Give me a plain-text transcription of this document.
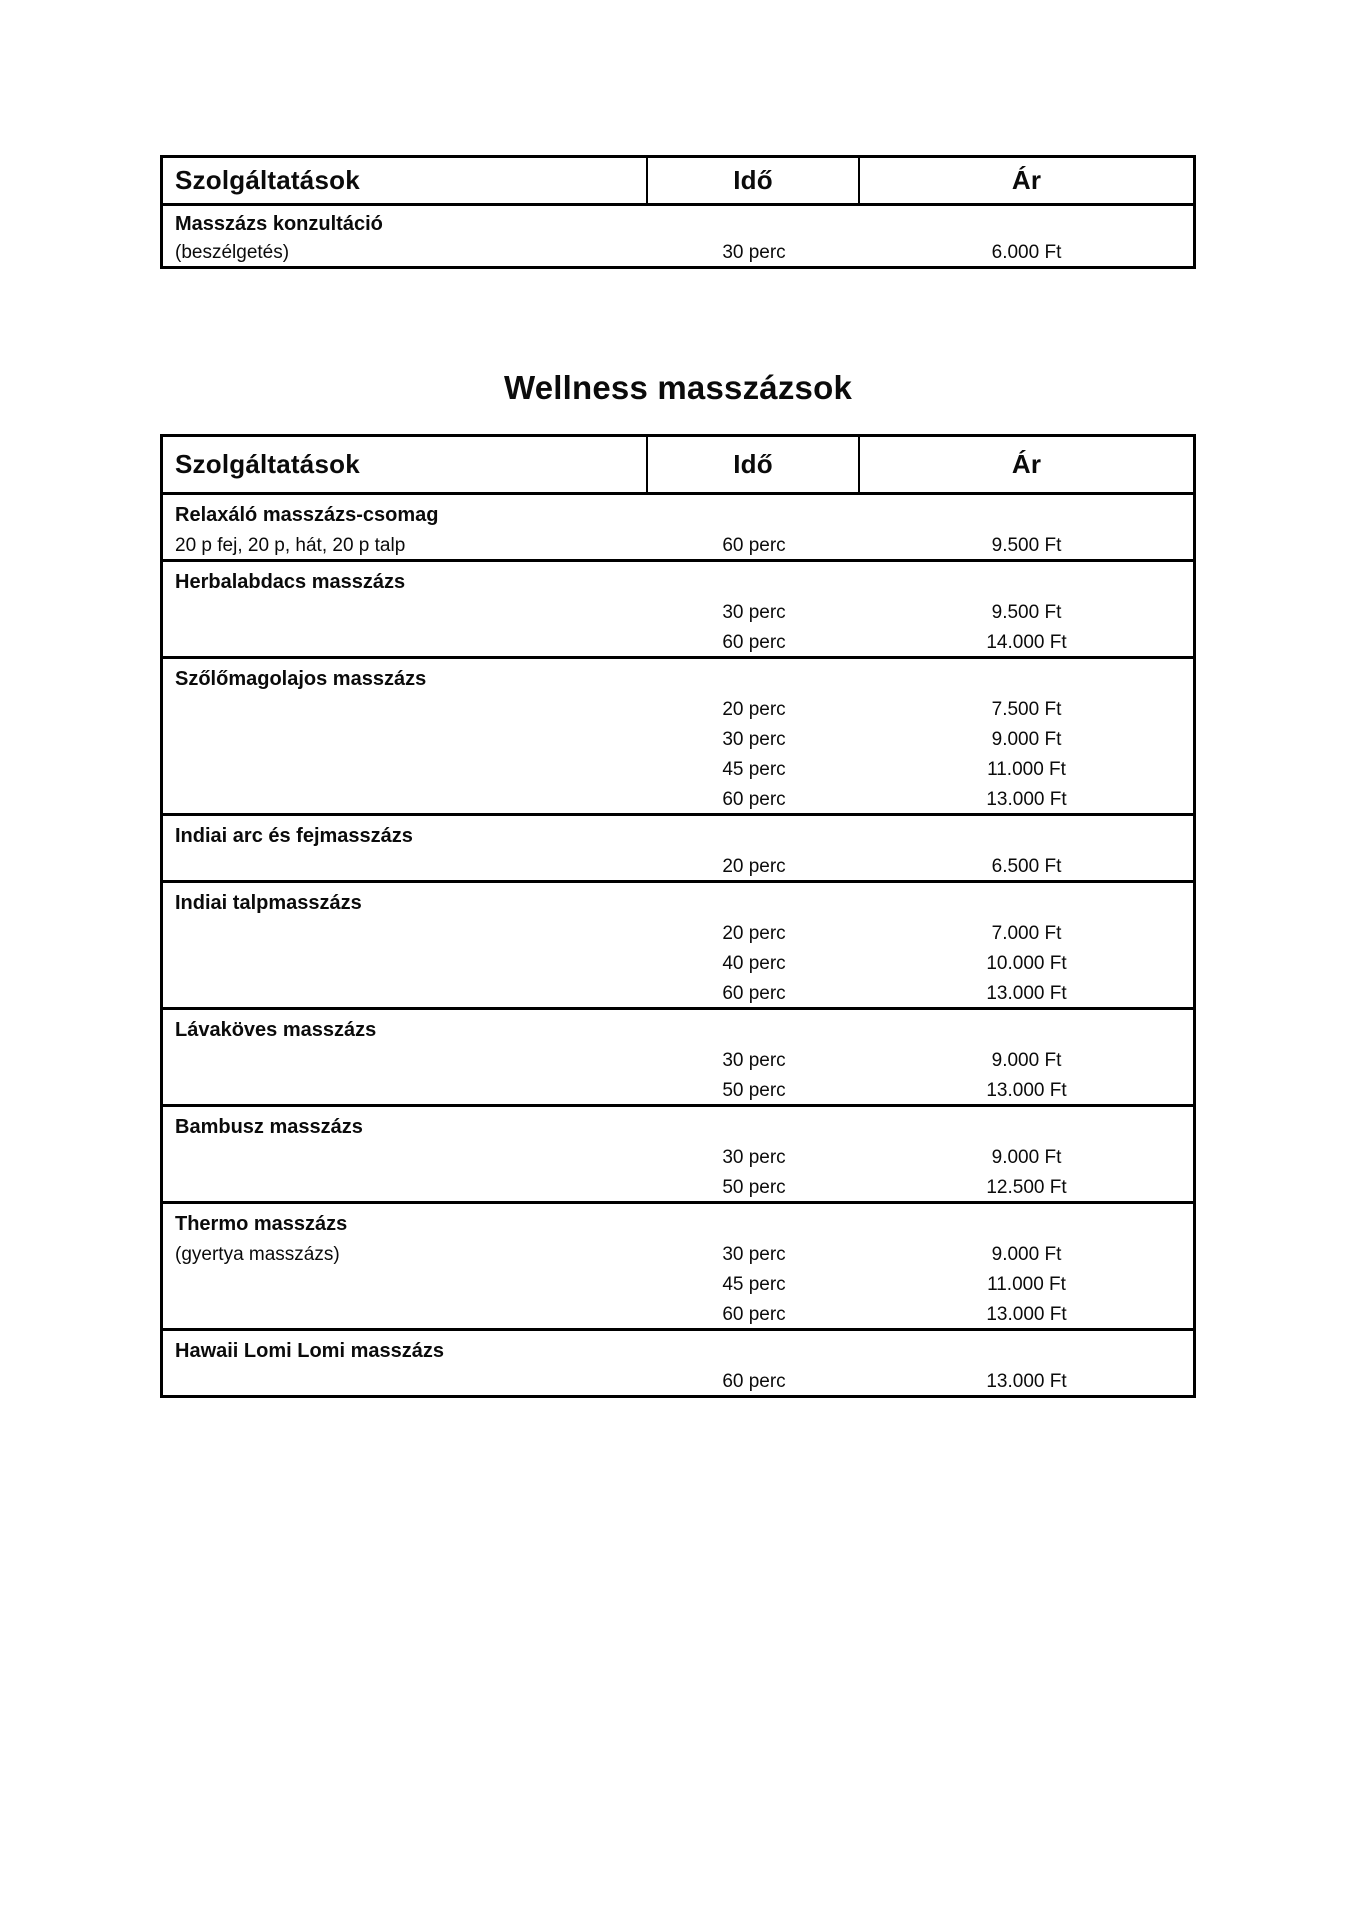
Szolgáltatások	Idő	Ár
Masszázs konzultáció
(beszélgetés)	30 perc	6.000 Ft
Wellness masszázsok
Szolgáltatások	Idő	Ár
Relaxáló masszázs-csomag
20 p fej, 20 p, hát, 20 p talp	60 perc	9.500 Ft
Herbalabdacs masszázs
30 perc	9.500 Ft
60 perc	14.000 Ft
Szőlőmagolajos masszázs
20 perc	7.500 Ft
30 perc	9.000 Ft
45 perc	11.000 Ft
60 perc	13.000 Ft
Indiai arc és fejmasszázs
20 perc	6.500 Ft
Indiai talpmasszázs
20 perc	7.000 Ft
40 perc	10.000 Ft
60 perc	13.000 Ft
Lávaköves masszázs
30 perc	9.000 Ft
50 perc	13.000 Ft
Bambusz masszázs
30 perc	9.000 Ft
50 perc	12.500 Ft
Thermo masszázs
(gyertya masszázs)	30 perc	9.000 Ft
45 perc	11.000 Ft
60 perc	13.000 Ft
Hawaii Lomi Lomi masszázs
60 perc	13.000 Ft
